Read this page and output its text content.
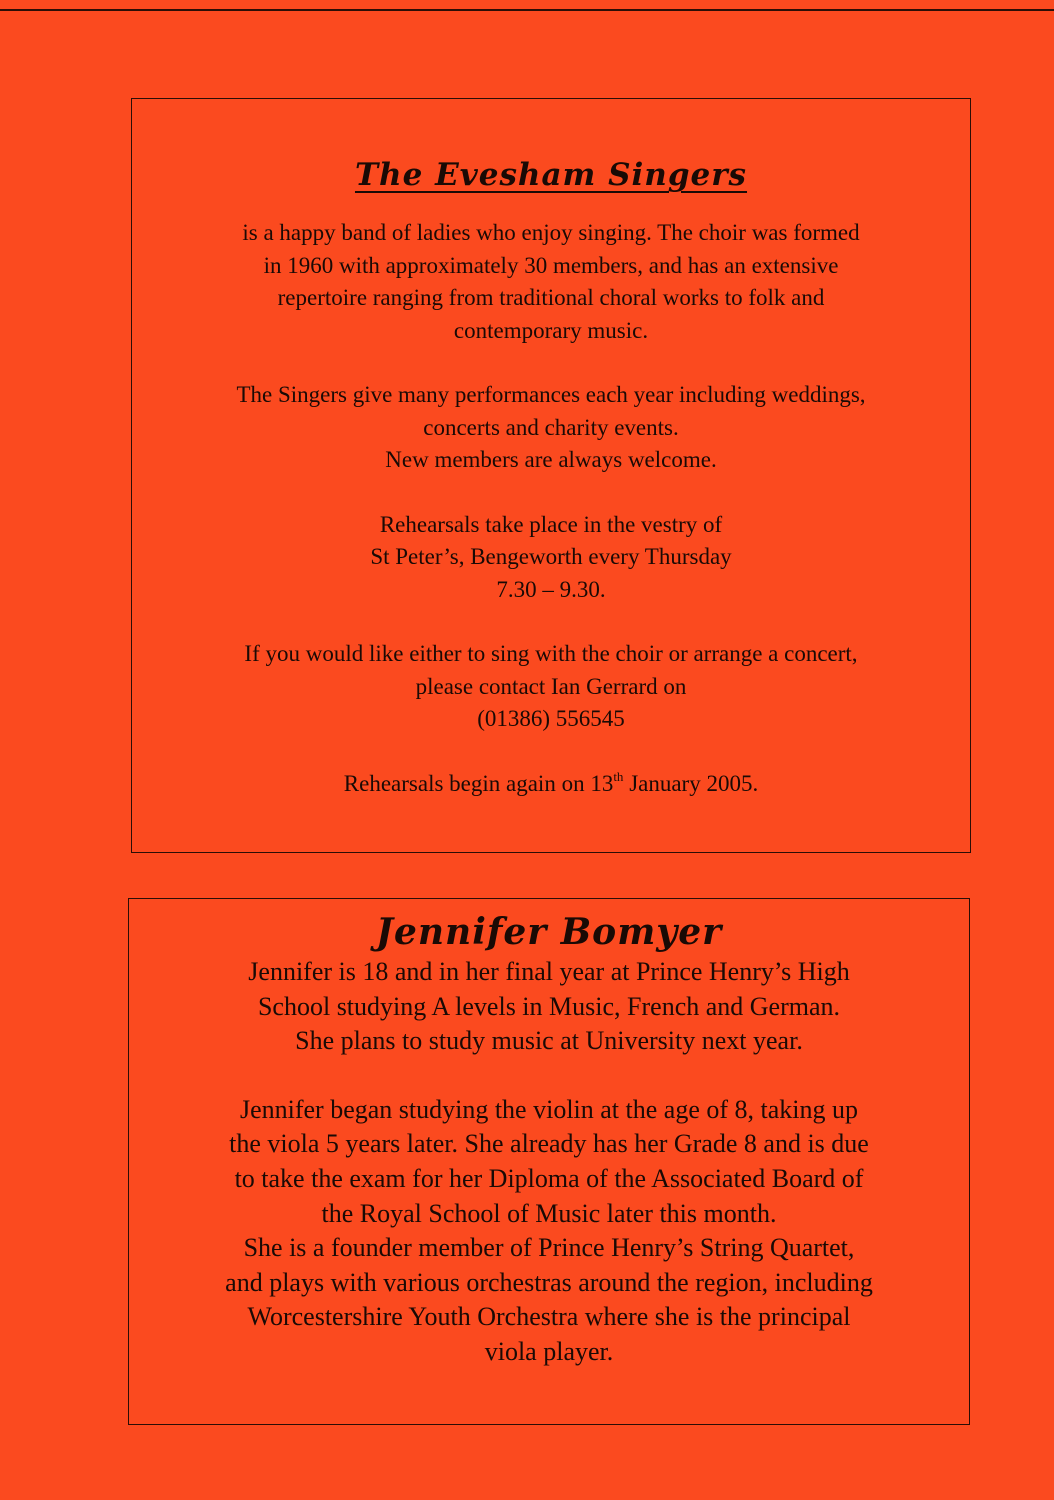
The Evesham Singers

is a happy band of ladies who enjoy singing. The choir was formed
in 1960 with approximately 30 members, and has an extensive
repertoire ranging from traditional choral works to folk and
contemporary music.

The Singers give many performances each year including weddings,
concerts and charity events.
New members are always welcome.

Rehearsals take place in the vestry of
St Peter’s, Bengeworth every Thursday
7.30 – 9.30.

If you would like either to sing with the choir or arrange a concert,
please contact Ian Gerrard on
(01386) 556545

Rehearsals begin again on 13th January 2005.

Jennifer Bomyer

Jennifer is 18 and in her final year at Prince Henry’s High
School studying A levels in Music, French and German.
She plans to study music at University next year.

Jennifer began studying the violin at the age of 8, taking up
the viola 5 years later. She already has her Grade 8 and is due
to take the exam for her Diploma of the Associated Board of
the Royal School of Music later this month.
She is a founder member of Prince Henry’s String Quartet,
and plays with various orchestras around the region, including
Worcestershire Youth Orchestra where she is the principal
viola player.
